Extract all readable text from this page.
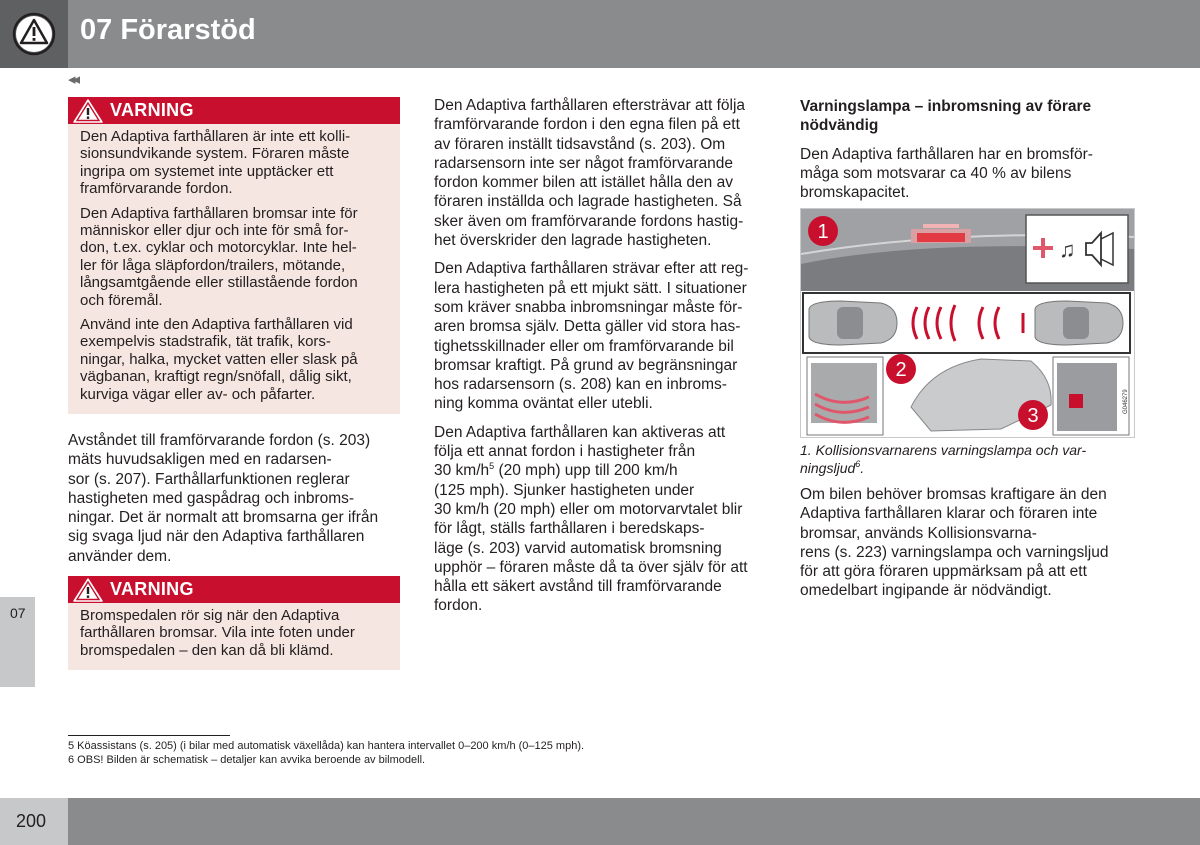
07 Förarstöd
◂◂
07
VARNING

Den Adaptiva farthållaren är inte ett kolli-
sionsundvikande system. Föraren måste
ingripa om systemet inte upptäcker ett
framförvarande fordon.

Den Adaptiva farthållaren bromsar inte för
människor eller djur och inte för små for-
don, t.ex. cyklar och motorcyklar. Inte hel-
ler för låga släpfordon/trailers, mötande,
långsamtgående eller stillastående fordon
och föremål.

Använd inte den Adaptiva farthållaren vid
exempelvis stadstrafik, tät trafik, kors-
ningar, halka, mycket vatten eller slask på
vägbanan, kraftigt regn/snöfall, dålig sikt,
kurviga vägar eller av- och påfarter.

Avståndet till framförvarande fordon (s. 203)
mäts huvudsakligen med en radarsen-
sor (s. 207). Farthållarfunktionen reglerar
hastigheten med gaspådrag och inbroms-
ningar. Det är normalt att bromsarna ger ifrån
sig svaga ljud när den Adaptiva farthållaren
använder dem.

VARNING

Bromspedalen rör sig när den Adaptiva
farthållaren bromsar. Vila inte foten under
bromspedalen – den kan då bli klämd.

Den Adaptiva farthållaren eftersträvar att följa
framförvarande fordon i den egna filen på ett
av föraren inställt tidsavstånd (s. 203). Om
radarsensorn inte ser något framförvarande
fordon kommer bilen att istället hålla den av
föraren inställda och lagrade hastigheten. Så
sker även om framförvarande fordons hastig-
het överskrider den lagrade hastigheten.

Den Adaptiva farthållaren strävar efter att reg-
lera hastigheten på ett mjukt sätt. I situationer
som kräver snabba inbromsningar måste för-
aren bromsa själv. Detta gäller vid stora has-
tighetsskillnader eller om framförvarande bil
bromsar kraftigt. På grund av begränsningar
hos radarsensorn (s. 208) kan en inbroms-
ning komma oväntat eller utebli.

Den Adaptiva farthållaren kan aktiveras att
följa ett annat fordon i hastigheter från
30 $km/h^5$ (20 mph) upp till 200 km/h
(125 mph). Sjunker hastigheten under
30 km/h (20 mph) eller om motorvarvtalet blir
för lågt, ställs farthållaren i beredskaps-
läge (s. 203) varvid automatisk bromsning
upphör – föraren måste då ta över själv för att
hålla ett säkert avstånd till framförvarande
fordon.

Varningslampa – inbromsning av förare
nödvändig

Den Adaptiva farthållaren har en bromsför-
måga som motsvarar ca 40 % av bilens
bromskapacitet.

♫
1
G046279
2
3
1. Kollisionsvarnarens varningslampa och var-
ningsljud$^6$.

Om bilen behöver bromsas kraftigare än den
Adaptiva farthållaren klarar och föraren inte
bromsar, används Kollisionsvarna-
rens (s. 223) varningslampa och varningsljud
för att göra föraren uppmärksam på att ett
omedelbart ingipande är nödvändigt.

5 Köassistans (s. 205) (i bilar med automatisk växellåda) kan hantera intervallet 0–200 km/h (0–125 mph).
6 OBS! Bilden är schematisk – detaljer kan avvika beroende av bilmodell.
200
